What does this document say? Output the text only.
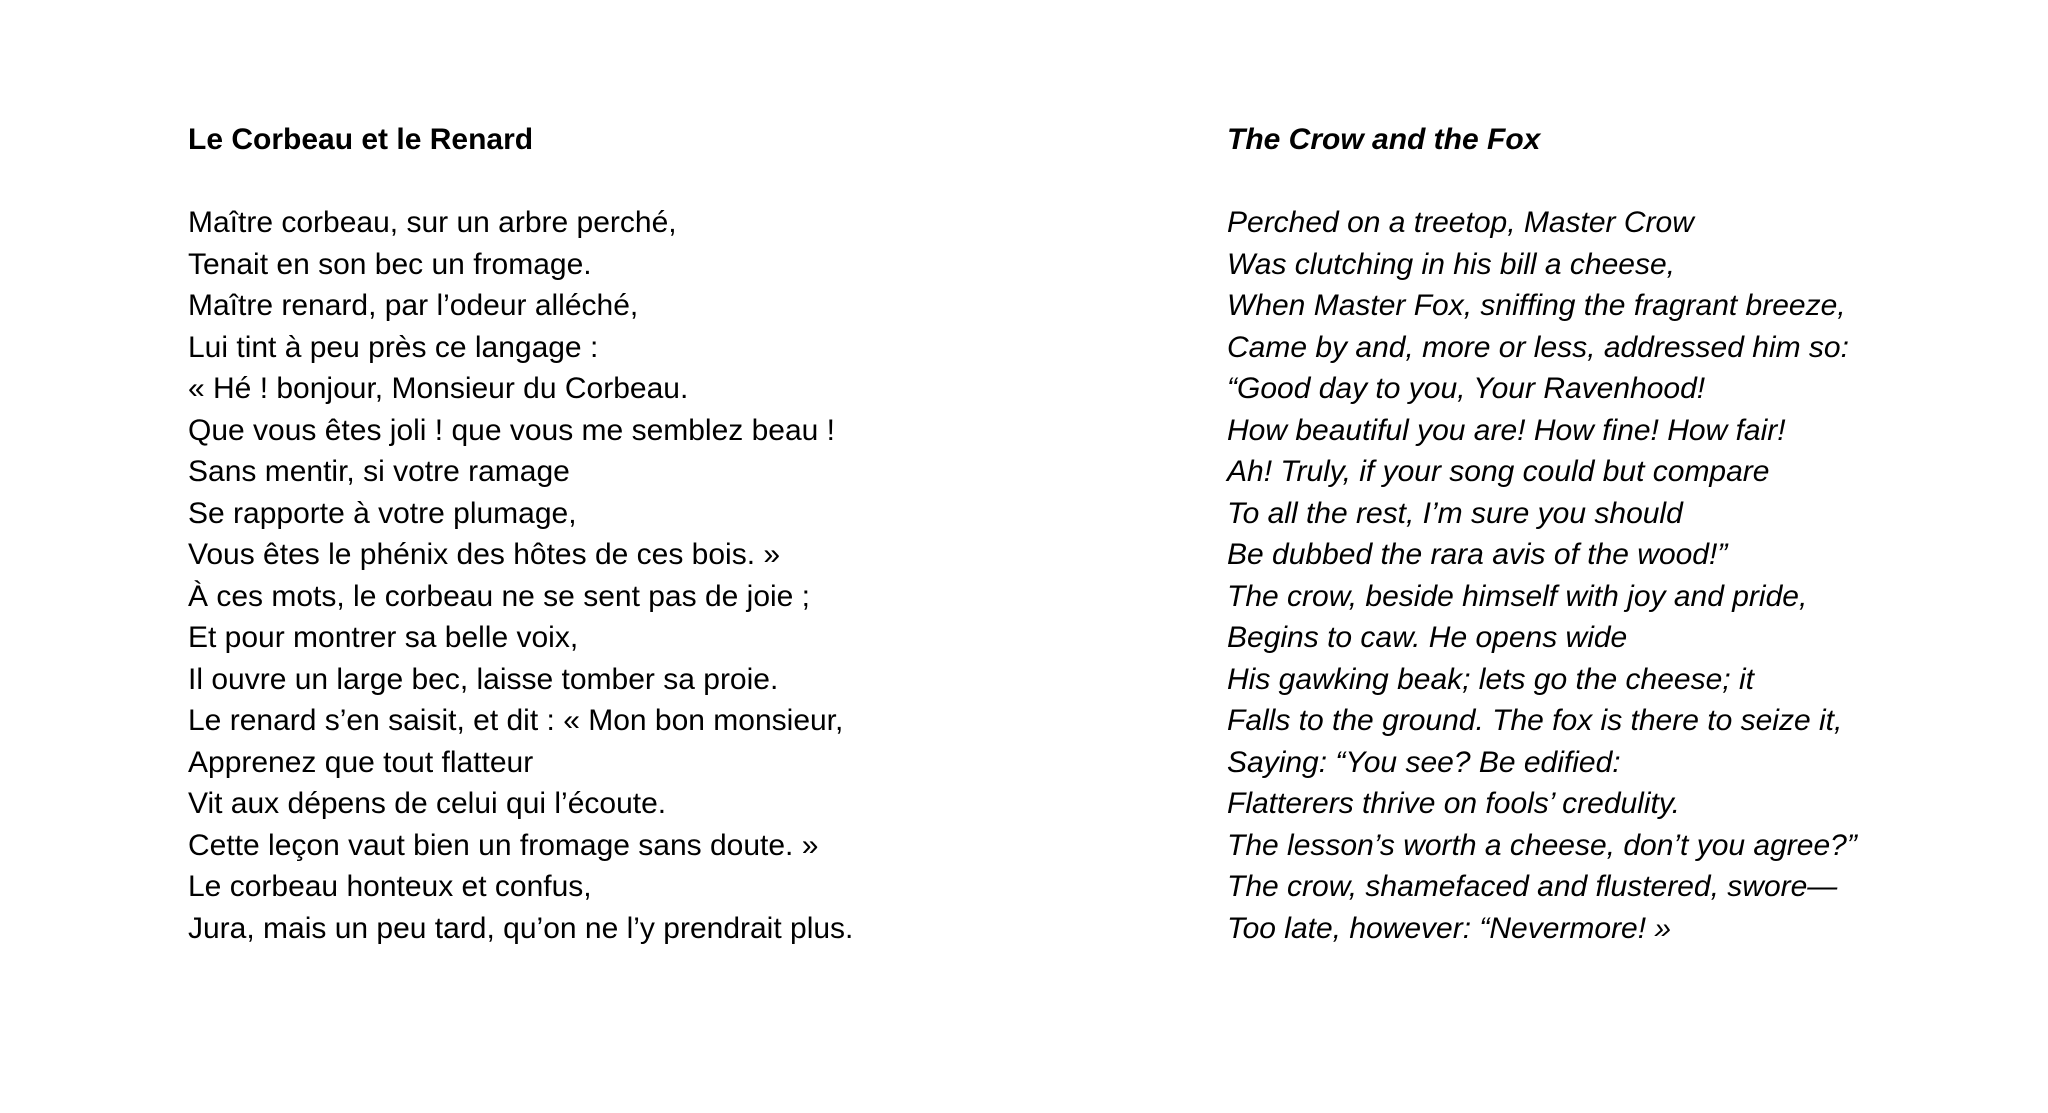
Le Corbeau et le Renard
Maître corbeau, sur un arbre perché,
Tenait en son bec un fromage.
Maître renard, par l’odeur alléché,
Lui tint à peu près ce langage :
« Hé ! bonjour, Monsieur du Corbeau.
Que vous êtes joli ! que vous me semblez beau !
Sans mentir, si votre ramage
Se rapporte à votre plumage,
Vous êtes le phénix des hôtes de ces bois. »
À ces mots, le corbeau ne se sent pas de joie ;
Et pour montrer sa belle voix,
Il ouvre un large bec, laisse tomber sa proie.
Le renard s’en saisit, et dit : « Mon bon monsieur,
Apprenez que tout flatteur
Vit aux dépens de celui qui l’écoute.
Cette leçon vaut bien un fromage sans doute. »
Le corbeau honteux et confus,
Jura, mais un peu tard, qu’on ne l’y prendrait plus.
The Crow and the Fox
Perched on a treetop, Master Crow
Was clutching in his bill a cheese,
When Master Fox, sniffing the fragrant breeze,
Came by and, more or less, addressed him so:
“Good day to you, Your Ravenhood!
How beautiful you are! How fine! How fair!
Ah! Truly, if your song could but compare
To all the rest, I’m sure you should
Be dubbed the rara avis of the wood!”
The crow, beside himself with joy and pride,
Begins to caw. He opens wide
His gawking beak; lets go the cheese; it
Falls to the ground. The fox is there to seize it,
Saying: “You see? Be edified:
Flatterers thrive on fools’ credulity.
The lesson’s worth a cheese, don’t you agree?”
The crow, shamefaced and flustered, swore—
Too late, however: “Nevermore! »
